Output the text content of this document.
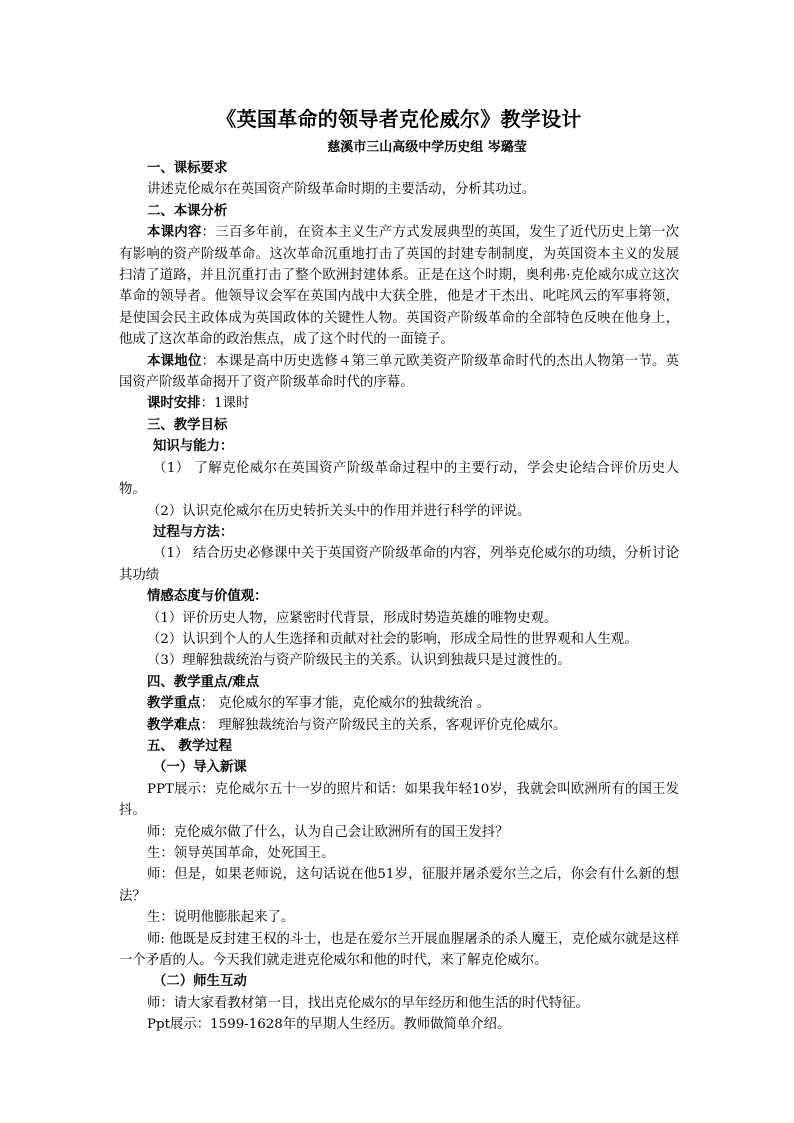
《英国革命的领导者克伦威尔》教学设计
慈溪市三山高级中学历史组 岑璐莹
一、课标要求
讲述克伦威尔在英国资产阶级革命时期的主要活动，分析其功过。
二、本课分析
本课内容：三百多年前，在资本主义生产方式发展典型的英国，发生了近代历史上第一次有影响的资产阶级革命。这次革命沉重地打击了英国的封建专制制度，为英国资本主义的发展扫清了道路，并且沉重打击了整个欧洲封建体系。正是在这个时期，奥利弗·克伦威尔成立这次革命的领导者。他领导议会军在英国内战中大获全胜，他是才干杰出、叱咤风云的军事将领，是使国会民主政体成为英国政体的关键性人物。英国资产阶级革命的全部特色反映在他身上，他成了这次革命的政治焦点，成了这个时代的一面镜子。
本课地位：本课是高中历史选修４第三单元欧美资产阶级革命时代的杰出人物第一节。英国资产阶级革命揭开了资产阶级革命时代的序幕。
课时安排：1课时
三、教学目标
知识与能力：
（1） 了解克伦威尔在英国资产阶级革命过程中的主要行动，学会史论结合评价历史人物。
（2）认识克伦威尔在历史转折关头中的作用并进行科学的评说。
过程与方法：
（1） 结合历史必修课中关于英国资产阶级革命的内容，列举克伦威尔的功绩，分析讨论其功绩
情感态度与价值观：
（1）评价历史人物，应紧密时代背景，形成时势造英雄的唯物史观。
（2）认识到个人的人生选择和贡献对社会的影响，形成全局性的世界观和人生观。
（3）理解独裁统治与资产阶级民主的关系。认识到独裁只是过渡性的。
四、教学重点/难点
教学重点： 克伦威尔的军事才能，克伦威尔的独裁统治 。
教学难点： 理解独裁统治与资产阶级民主的关系，客观评价克伦威尔。
五、 教学过程
（一）导入新课
PPT展示：克伦威尔五十一岁的照片和话：如果我年轻10岁，我就会叫欧洲所有的国王发抖。
师：克伦威尔做了什么，认为自己会让欧洲所有的国王发抖？
生：领导英国革命，处死国王。
师：但是，如果老师说，这句话说在他51岁，征服并屠杀爱尔兰之后，你会有什么新的想法？
生：说明他膨胀起来了。
师: 他既是反封建王权的斗士，也是在爱尔兰开展血腥屠杀的杀人魔王，克伦威尔就是这样一个矛盾的人。今天我们就走进克伦威尔和他的时代，来了解克伦威尔。
（二）师生互动
师：请大家看教材第一目，找出克伦威尔的早年经历和他生活的时代特征。
Ppt展示：1599-1628年的早期人生经历。教师做简单介绍。
